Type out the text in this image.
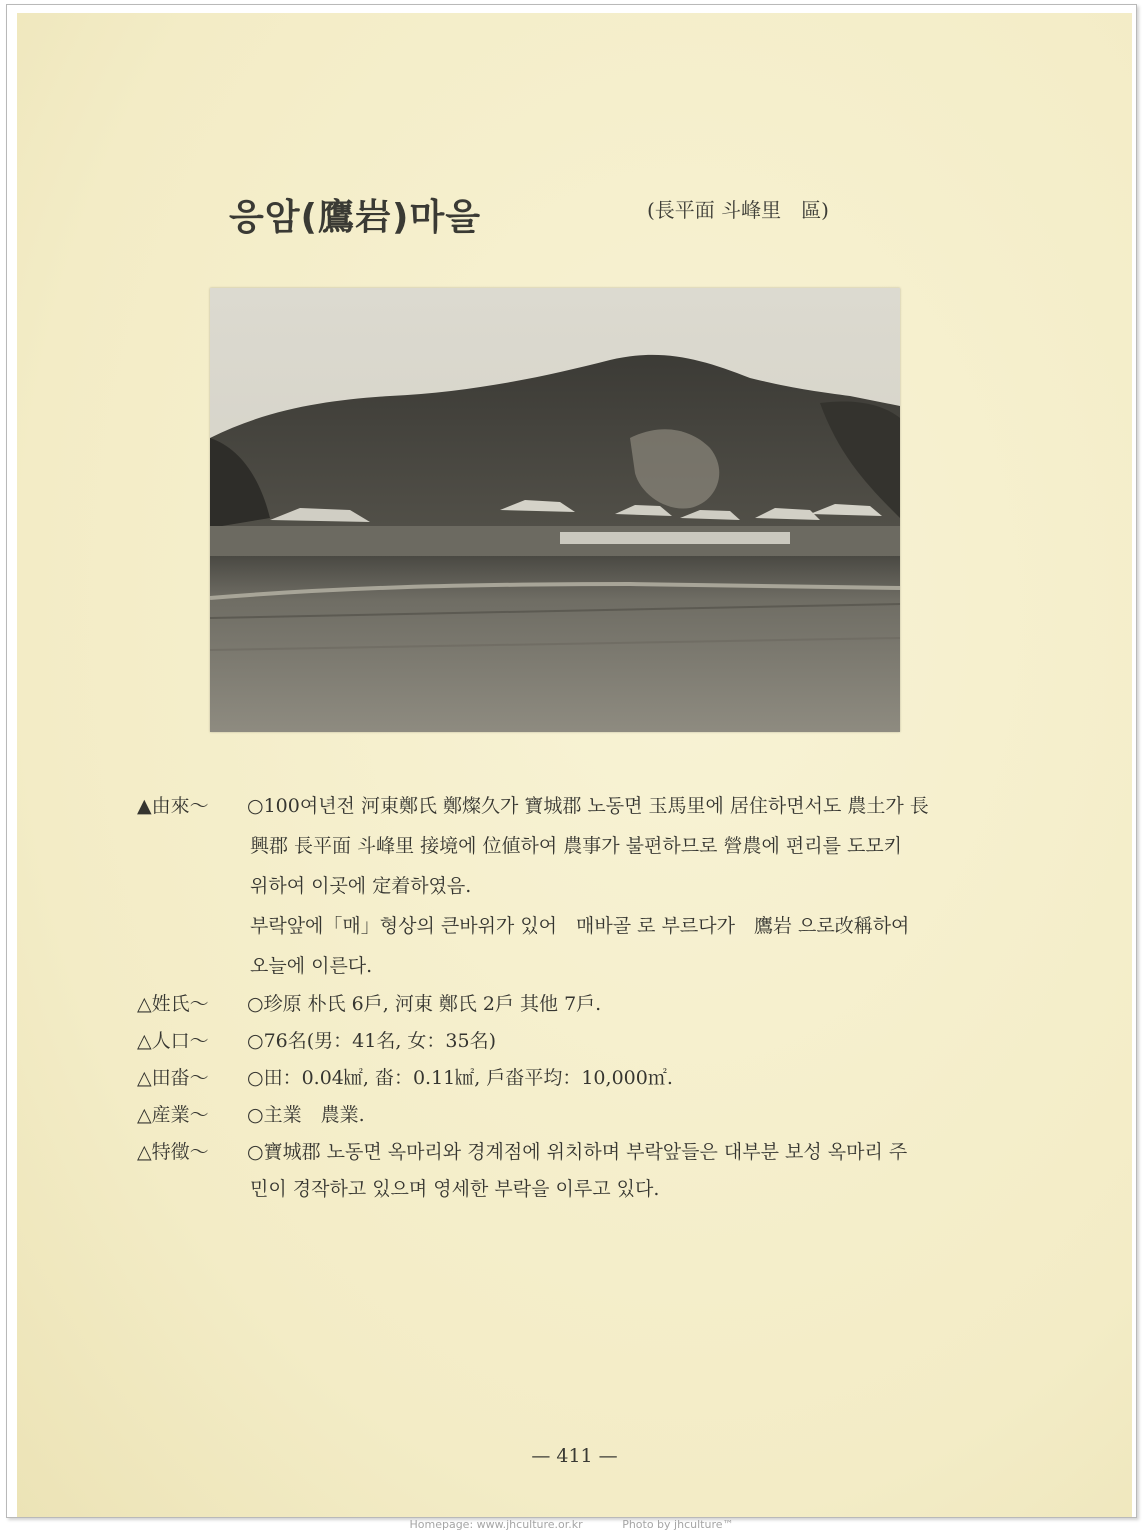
응암(鷹岩)마을	(長平面 斗峰里　區)
▲由來～ ○100여년전 河東鄭氏 鄭燦久가 寶城郡 노동면 玉馬里에 居住하면서도 農土가 長
興郡 長平面 斗峰里 接境에 位値하여 農事가 불편하므로 營農에 편리를 도모키
위하여 이곳에 定着하였음.
부락앞에「매」형상의 큰바위가 있어　매바골 로 부르다가　鷹岩 으로改稱하여
오늘에 이른다.
△姓氏～ ○珍原 朴氏 6戶, 河東 鄭氏 2戶 其他 7戶.
△人口～ ○76名(男：41名, 女：35名)
△田畓～ ○田：0.04㎢, 畓：0.11㎢, 戶畓平均：10,000㎡.
△産業～ ○主業　農業.
△特徵～ ○寶城郡 노동면 옥마리와 경계점에 위치하며 부락앞들은 대부분 보성 옥마리 주
민이 경작하고 있으며 영세한 부락을 이루고 있다.
— 411 —
Homepage: www.jhculture.or.kr	Photo by jhculture™
